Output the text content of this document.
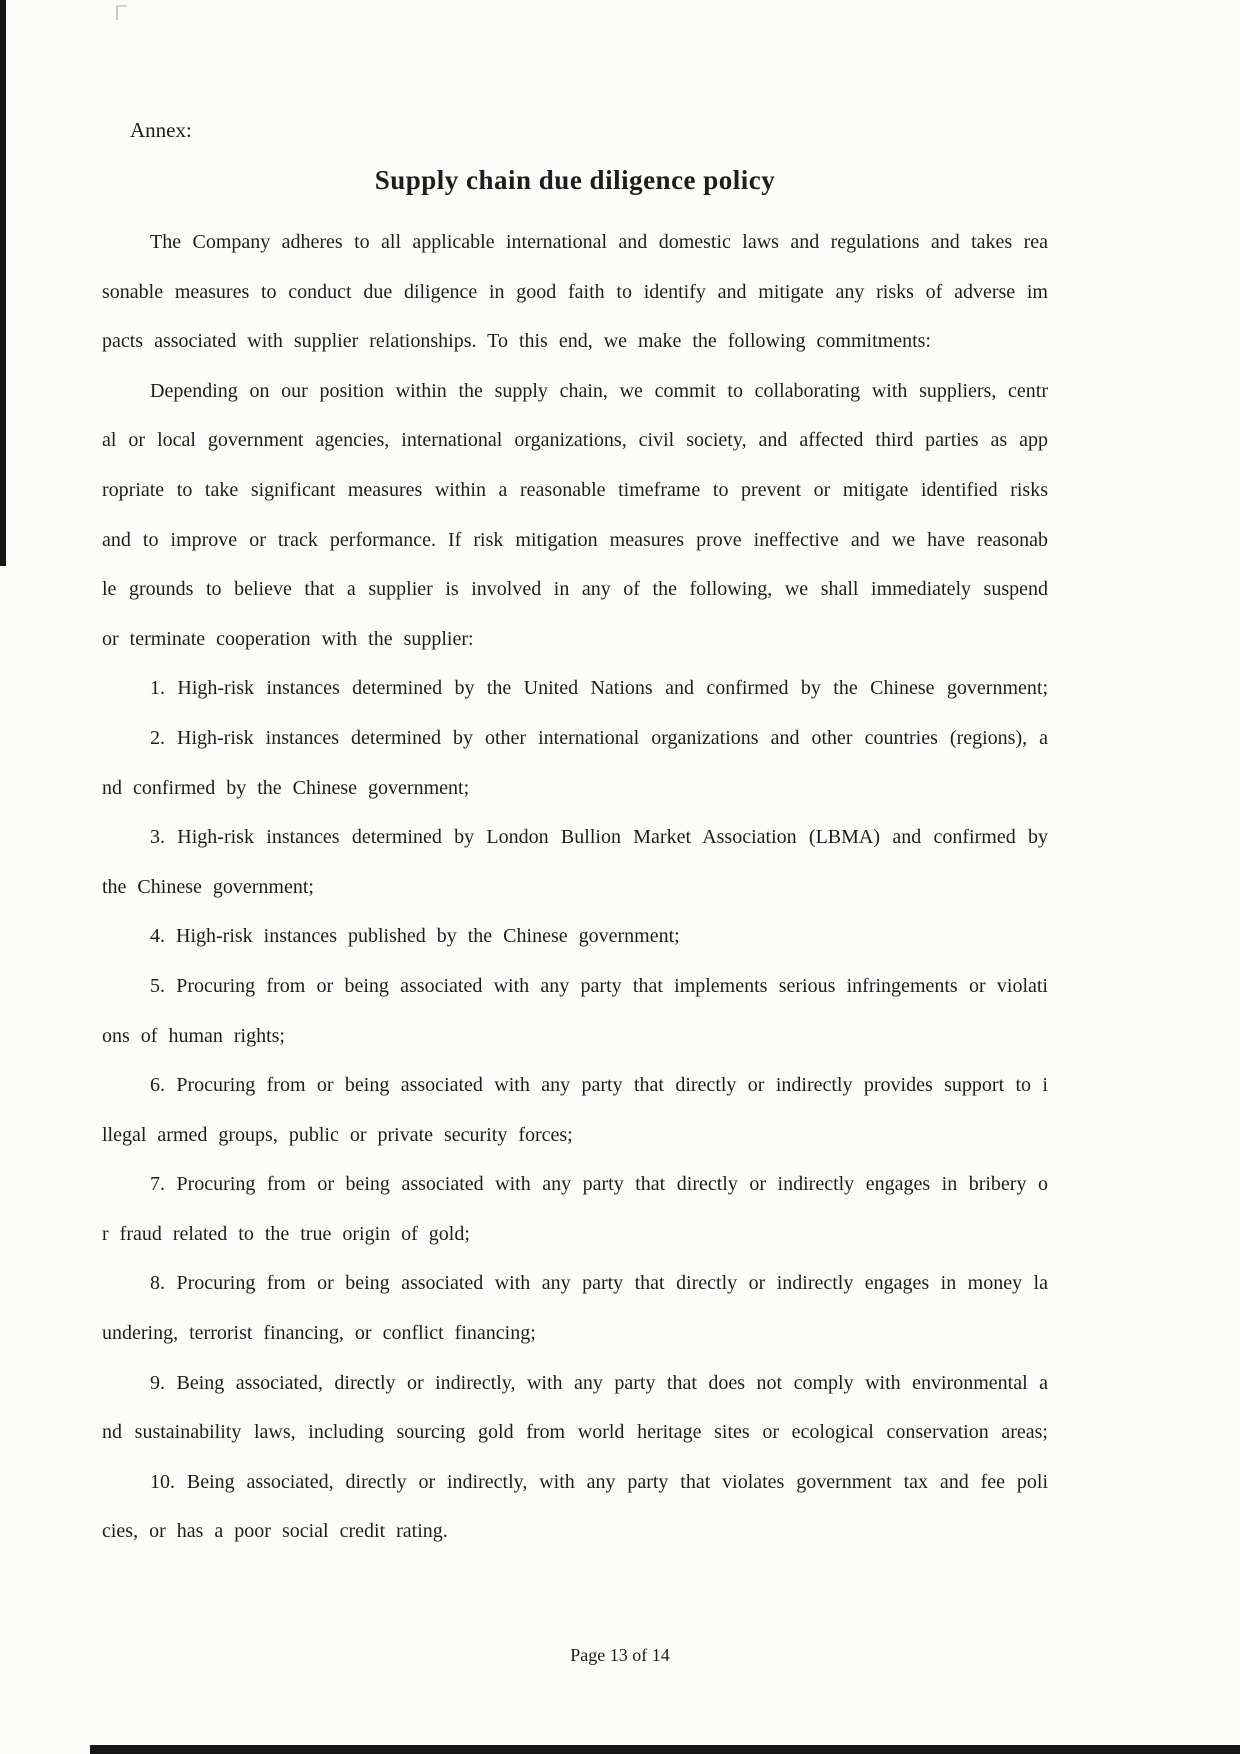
Annex:
Supply chain due diligence policy
The Company adheres to all applicable international and domestic laws and regulations and takes rea
sonable measures to conduct due diligence in good faith to identify and mitigate any risks of adverse im
pacts associated with supplier relationships. To this end, we make the following commitments:
Depending on our position within the supply chain, we commit to collaborating with suppliers, centr
al or local government agencies, international organizations, civil society, and affected third parties as app
ropriate to take significant measures within a reasonable timeframe to prevent or mitigate identified risks
and to improve or track performance. If risk mitigation measures prove ineffective and we have reasonab
le grounds to believe that a supplier is involved in any of the following, we shall immediately suspend
or terminate cooperation with the supplier:
1. High-risk instances determined by the United Nations and confirmed by the Chinese government;
2. High-risk instances determined by other international organizations and other countries (regions), a
nd confirmed by the Chinese government;
3. High-risk instances determined by London Bullion Market Association (LBMA) and confirmed by
the Chinese government;
4. High-risk instances published by the Chinese government;
5. Procuring from or being associated with any party that implements serious infringements or violati
ons of human rights;
6. Procuring from or being associated with any party that directly or indirectly provides support to i
llegal armed groups, public or private security forces;
7. Procuring from or being associated with any party that directly or indirectly engages in bribery o
r fraud related to the true origin of gold;
8. Procuring from or being associated with any party that directly or indirectly engages in money la
undering, terrorist financing, or conflict financing;
9. Being associated, directly or indirectly, with any party that does not comply with environmental a
nd sustainability laws, including sourcing gold from world heritage sites or ecological conservation areas;
10. Being associated, directly or indirectly, with any party that violates government tax and fee poli
cies, or has a poor social credit rating.
Page 13 of 14
